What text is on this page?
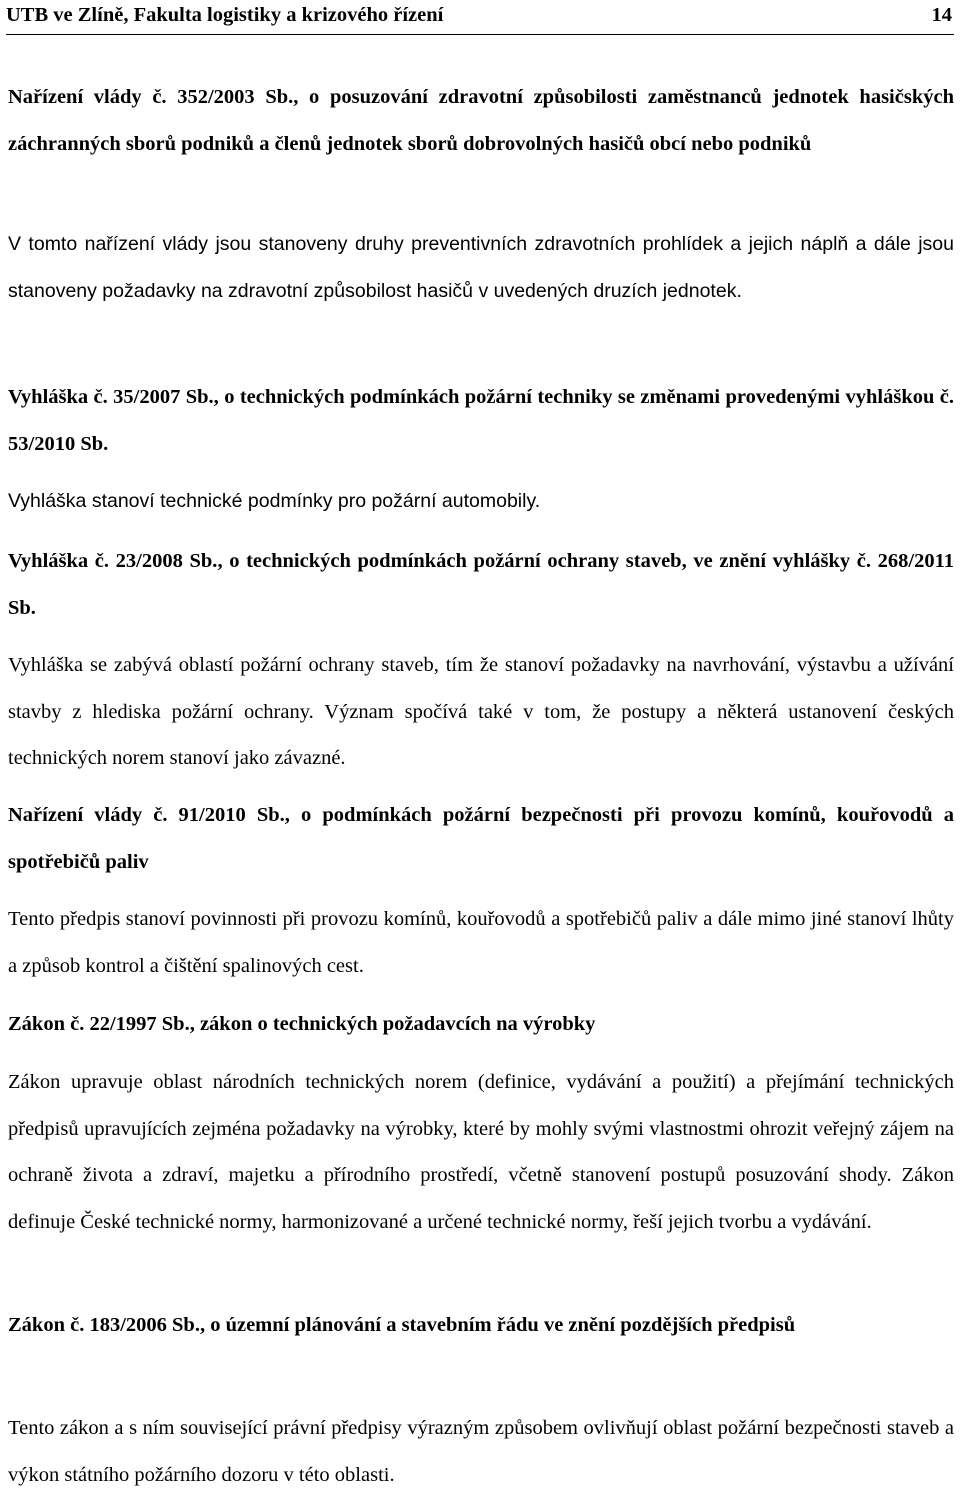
UTB ve Zlíně, Fakulta logistiky a krizového řízení	14
Nařízení vlády č. 352/2003 Sb., o posuzování zdravotní způsobilosti zaměstnanců jednotek hasičských záchranných sborů podniků a členů jednotek sborů dobrovolných hasičů obcí nebo podniků
V tomto nařízení vlády jsou stanoveny druhy preventivních zdravotních prohlídek a jejich náplň a dále jsou stanoveny požadavky na zdravotní způsobilost hasičů v uvedených druzích jednotek.
Vyhláška č. 35/2007 Sb., o technických podmínkách požární techniky se změnami provedenými vyhláškou č. 53/2010 Sb.
Vyhláška stanoví technické podmínky pro požární automobily.
Vyhláška č. 23/2008 Sb., o technických podmínkách požární ochrany staveb, ve znění vyhlášky č. 268/2011 Sb.
Vyhláška se zabývá oblastí požární ochrany staveb, tím že stanoví požadavky na navrhování, výstavbu a užívání stavby z hlediska požární ochrany. Význam spočívá také v tom, že postupy a některá ustanovení českých technických norem stanoví jako závazné.
Nařízení vlády č. 91/2010 Sb., o podmínkách požární bezpečnosti při provozu komínů, kouřovodů a spotřebičů paliv
Tento předpis stanoví povinnosti při provozu komínů, kouřovodů a spotřebičů paliv a dále mimo jiné stanoví lhůty a způsob kontrol a čištění spalinových cest.
Zákon č. 22/1997 Sb., zákon o technických požadavcích na výrobky
Zákon upravuje oblast národních technických norem (definice, vydávání a použití) a přejímání technických předpisů upravujících zejména požadavky na výrobky, které by mohly svými vlastnostmi ohrozit veřejný zájem na ochraně života a zdraví, majetku a přírodního prostředí, včetně stanovení postupů posuzování shody. Zákon definuje České technické normy, harmonizované a určené technické normy, řeší jejich tvorbu a vydávání.
Zákon č. 183/2006 Sb., o územní plánování a stavebním řádu ve znění pozdějších předpisů
Tento zákon a s ním související právní předpisy výrazným způsobem ovlivňují oblast požární bezpečnosti staveb a výkon státního požárního dozoru v této oblasti.
